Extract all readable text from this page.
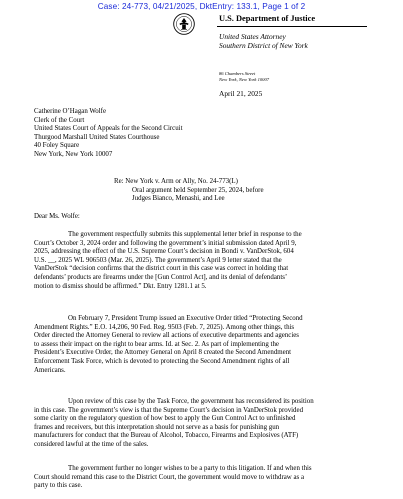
Case: 24-773, 04/21/2025, DktEntry: 133.1, Page 1 of 2
U.S. Department of Justice
United States Attorney
Southern District of New York
86 Chambers Street
New York, New York 10007
April 21, 2025
Catherine O’Hagan Wolfe
Clerk of the Court
United States Court of Appeals for the Second Circuit
Thurgood Marshall United States Courthouse
40 Foley Square
New York, New York 10007
Re: New York v. Arm or Ally, No. 24-773(L)
Oral argument held September 25, 2024, before
Judges Bianco, Menashi, and Lee
Dear Ms. Wolfe:
The government respectfully submits this supplemental letter brief in response to the
Court’s October 3, 2024 order and following the government’s initial submission dated April 9,
2025, addressing the effect of the U.S. Supreme Court’s decision in Bondi v. VanDerStok, 604
U.S. __, 2025 WL 906503 (Mar. 26, 2025). The government’s April 9 letter stated that the
VanDerStok “decision confirms that the district court in this case was correct in holding that
defendants’ products are firearms under the [Gun Control Act], and its denial of defendants’
motion to dismiss should be affirmed.” Dkt. Entry 1281.1 at 5.
On February 7, President Trump issued an Executive Order titled “Protecting Second
Amendment Rights.” E.O. 14,206, 90 Fed. Reg. 9503 (Feb. 7, 2025). Among other things, this
Order directed the Attorney General to review all actions of executive departments and agencies
to assess their impact on the right to bear arms. Id. at Sec. 2. As part of implementing the
President’s Executive Order, the Attorney General on April 8 created the Second Amendment
Enforcement Task Force, which is devoted to protecting the Second Amendment rights of all
Americans.
Upon review of this case by the Task Force, the government has reconsidered its position
in this case. The government’s view is that the Supreme Court’s decision in VanDerStok provided
some clarity on the regulatory question of how best to apply the Gun Control Act to unfinished
frames and receivers, but this interpretation should not serve as a basis for punishing gun
manufacturers for conduct that the Bureau of Alcohol, Tobacco, Firearms and Explosives (ATF)
considered lawful at the time of the sales.
The government further no longer wishes to be a party to this litigation. If and when this
Court should remand this case to the District Court, the government would move to withdraw as a
party to this case.
